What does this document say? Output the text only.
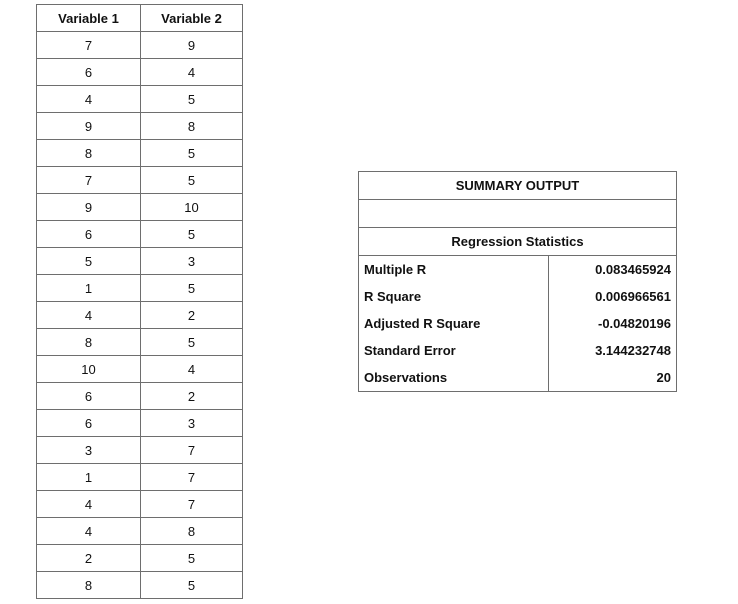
Variable 1	Variable 2
7	9
6	4
4	5
9	8
8	5
7	5
9	10
6	5
5	3
1	5
4	2
8	5
10	4
6	2
6	3
3	7
1	7
4	7
4	8
2	5
8	5
SUMMARY OUTPUT	

Regression Statistics	
Multiple R	0.083465924
R Square	0.006966561
Adjusted R Square	-0.04820196
Standard Error	3.144232748
Observations	20
